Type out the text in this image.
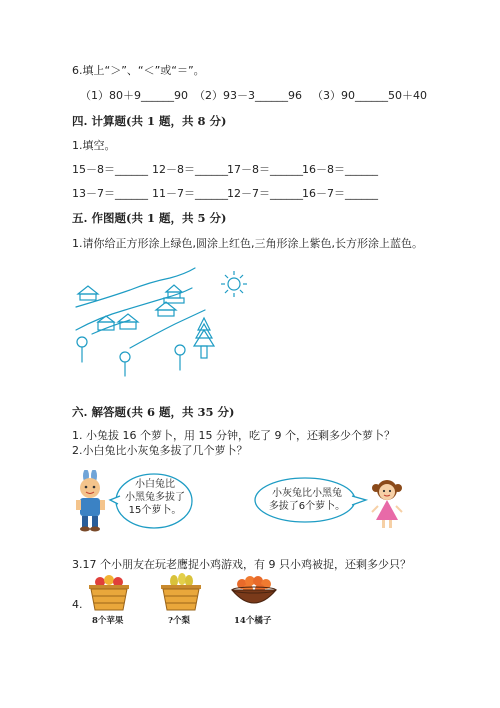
6.填上“＞”、“＜”或“＝”。
（1）80＋9______90 （2）93－3______96 （3）90______50＋40
四. 计算题(共 1 题，共 8 分)
1.填空。
15－8＝______ 12－8＝______ 17－8＝______ 16－8＝______
13－7＝______ 11－7＝______ 12－7＝______ 16－7＝______
五. 作图题(共 1 题，共 5 分)
1.请你给正方形涂上绿色,圆涂上红色,三角形涂上紫色,长方形涂上蓝色。
六. 解答题(共 6 题，共 35 分)
1. 小兔拔 16 个萝卜，用 15 分钟，吃了 9 个，还剩多少个萝卜？
2.小白兔比小灰兔多拔了几个萝卜？
小白兔比
小黑兔多拔了
15个萝卜。
小灰兔比小黑兔
多拔了6个萝卜。
3.17 个小朋友在玩老鹰捉小鸡游戏，有 9 只小鸡被捉，还剩多少只？
4.
8个苹果	?个梨	14个橘子
